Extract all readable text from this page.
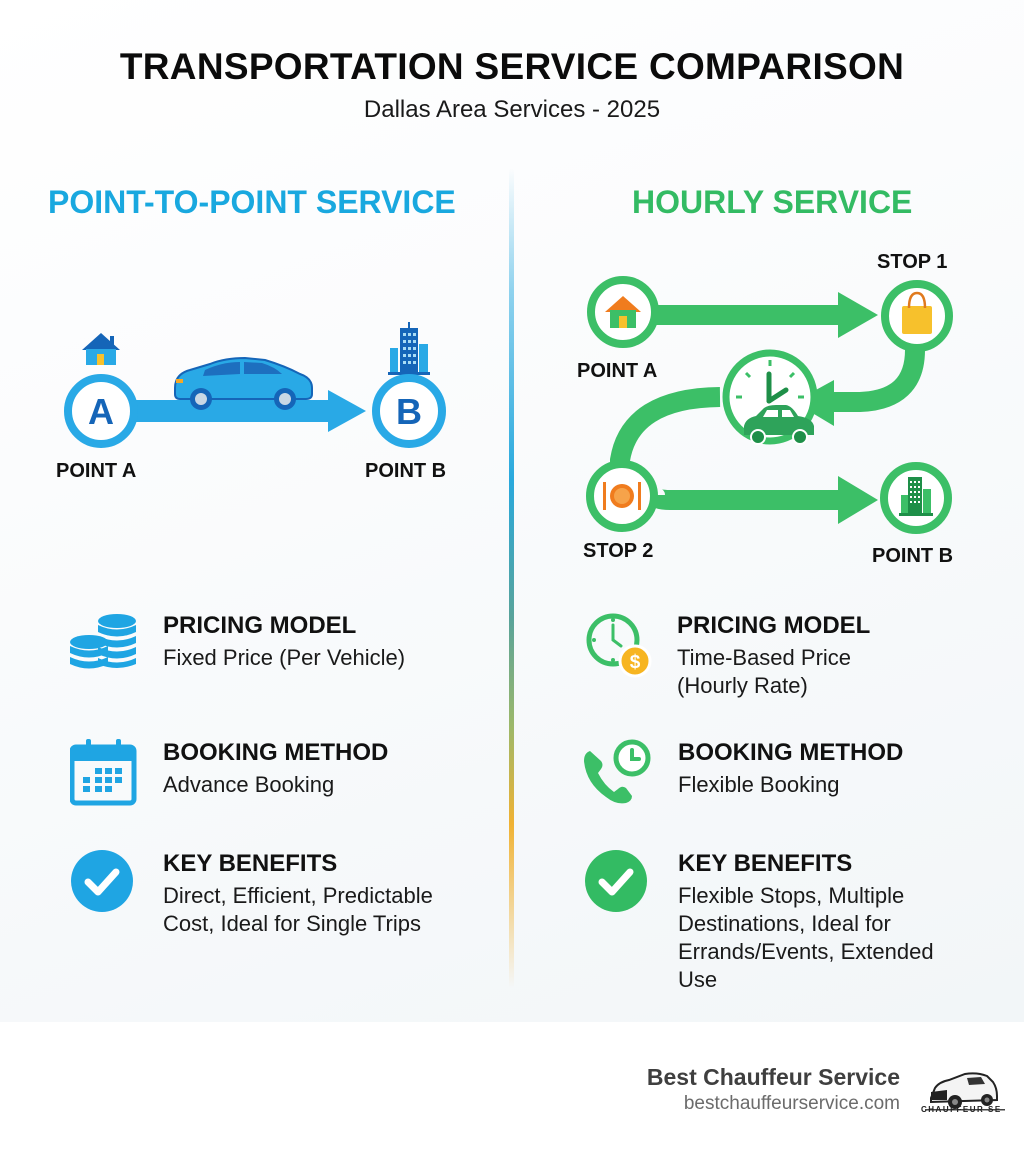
TRANSPORTATION SERVICE COMPARISON
Dallas Area Services - 2025
POINT-TO-POINT SERVICE
A	B
POINT A	POINT B
HOURLY SERVICE
POINT A
STOP 1
STOP 2	POINT B
PRICING MODEL
Fixed Price (Per Vehicle)
BOOKING METHOD
Advance Booking
KEY BENEFITS
Direct, Efficient, Predictable Cost, Ideal for Single Trips
$
PRICING MODEL
Time-Based Price (Hourly Rate)
BOOKING METHOD
Flexible Booking
KEY BENEFITS
Flexible Stops, Multiple Destinations, Ideal for Errands/Events, Extended Use
Best Chauffeur Service
bestchauffeurservice.com	CHAUFFEUR SE
